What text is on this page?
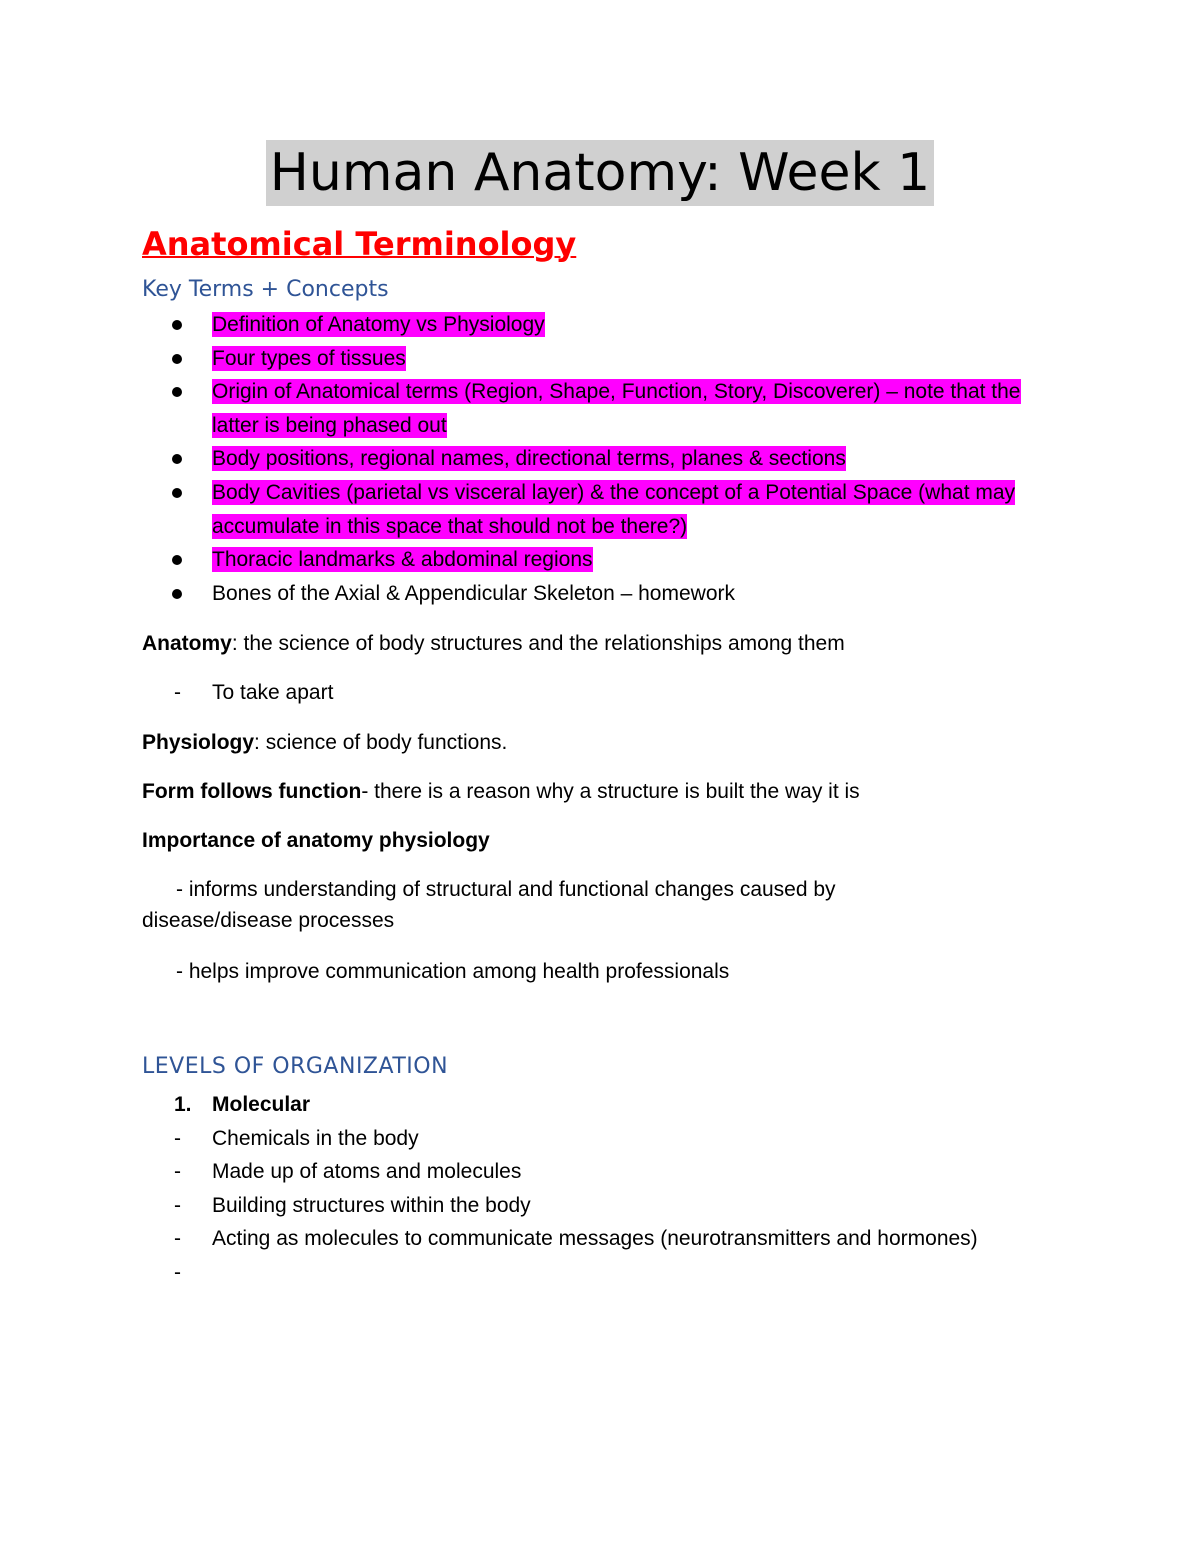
Human Anatomy: Week 1
Anatomical Terminology
Key Terms + Concepts
Definition of Anatomy vs Physiology
Four types of tissues
Origin of Anatomical terms (Region, Shape, Function, Story, Discoverer) – note that the latter is being phased out
Body positions, regional names, directional terms, planes & sections
Body Cavities (parietal vs visceral layer) & the concept of a Potential Space (what may accumulate in this space that should not be there?)
Thoracic landmarks & abdominal regions
Bones of the Axial & Appendicular Skeleton – homework
Anatomy: the science of body structures and the relationships among them
- To take apart
Physiology: science of body functions.
Form follows function- there is a reason why a structure is built the way it is
Importance of anatomy physiology
- informs understanding of structural and functional changes caused by disease/disease processes
- helps improve communication among health professionals
LEVELS OF ORGANIZATION
1. Molecular
- Chemicals in the body
- Made up of atoms and molecules
- Building structures within the body
- Acting as molecules to communicate messages (neurotransmitters and hormones)
-
